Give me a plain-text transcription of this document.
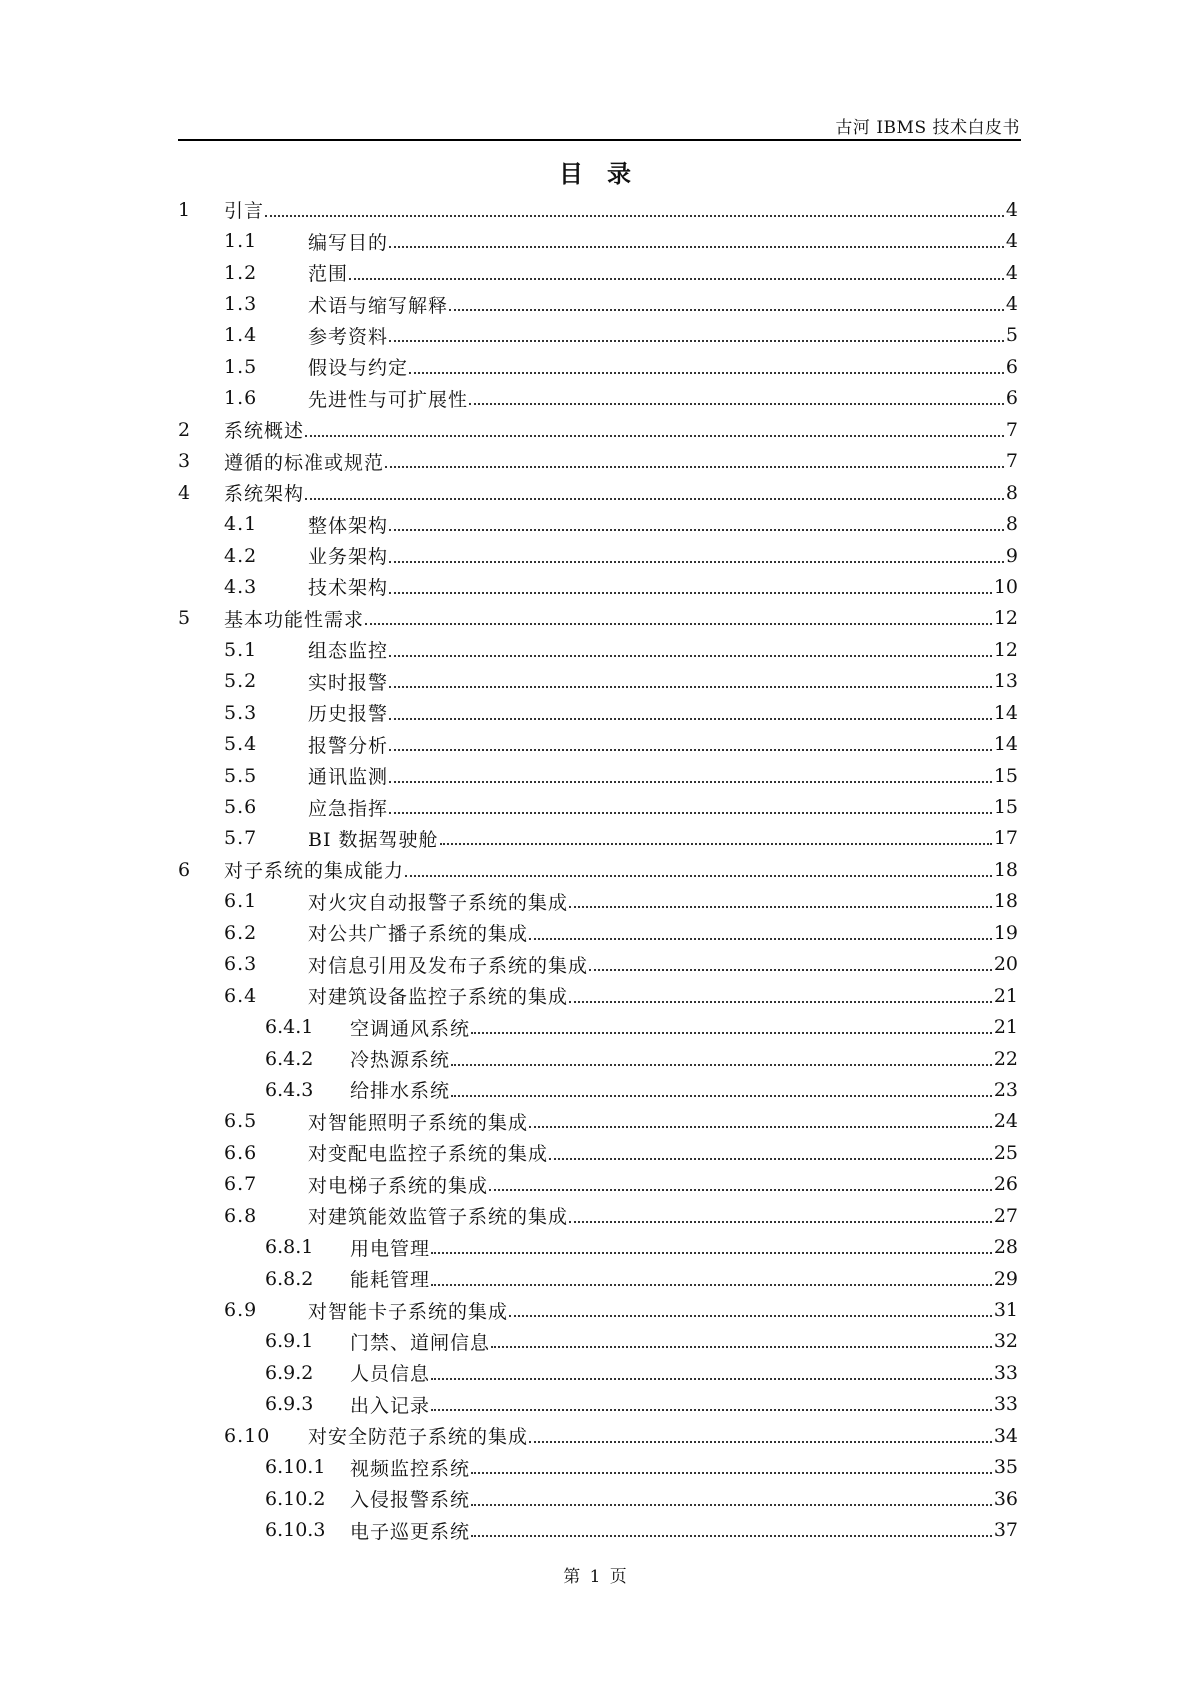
古河 IBMS 技术白皮书
目　录
1 引言	4
1.1	编写目的	4
1.2	范围	4
1.3	术语与缩写解释	4
1.4	参考资料	5
1.5	假设与约定	6
1.6	先进性与可扩展性	6
2 系统概述	7
3 遵循的标准或规范	7
4 系统架构	8
4.1	整体架构	8
4.2	业务架构	9
4.3	技术架构	10
5 基本功能性需求	12
5.1	组态监控	12
5.2	实时报警	13
5.3	历史报警	14
5.4	报警分析	14
5.5	通讯监测	15
5.6	应急指挥	15
5.7	BI 数据驾驶舱	17
6 对子系统的集成能力	18
6.1	对火灾自动报警子系统的集成	18
6.2	对公共广播子系统的集成	19
6.3	对信息引用及发布子系统的集成	20
6.4	对建筑设备监控子系统的集成	21
6.4.1 空调通风系统	21
6.4.2 冷热源系统	22
6.4.3 给排水系统	23
6.5	对智能照明子系统的集成	24
6.6	对变配电监控子系统的集成	25
6.7	对电梯子系统的集成	26
6.8	对建筑能效监管子系统的集成	27
6.8.1 用电管理	28
6.8.2 能耗管理	29
6.9	对智能卡子系统的集成	31
6.9.1 门禁、道闸信息	32
6.9.2 人员信息	33
6.9.3 出入记录	33
6.10 对安全防范子系统的集成	34
6.10.1 视频监控系统	35
6.10.2 入侵报警系统	36
6.10.3 电子巡更系统	37
第 1 页
